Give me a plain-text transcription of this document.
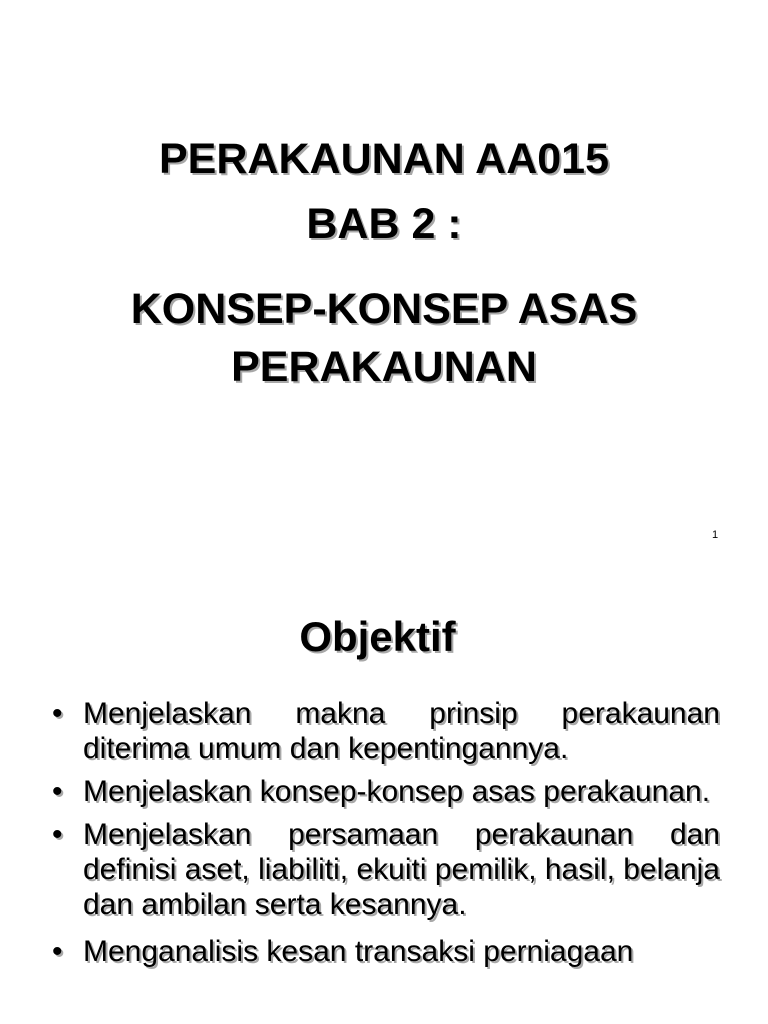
PERAKAUNAN AA015
BAB 2 :
KONSEP-KONSEP ASAS
PERAKAUNAN
1
Objektif
• Menjelaskan makna prinsip perakaunan diterima umum dan kepentingannya.
• Menjelaskan konsep-konsep asas perakaunan.
• Menjelaskan persamaan perakaunan dan definisi aset, liabiliti, ekuiti pemilik, hasil, belanja dan ambilan serta kesannya.
• Menganalisis kesan transaksi perniagaan
